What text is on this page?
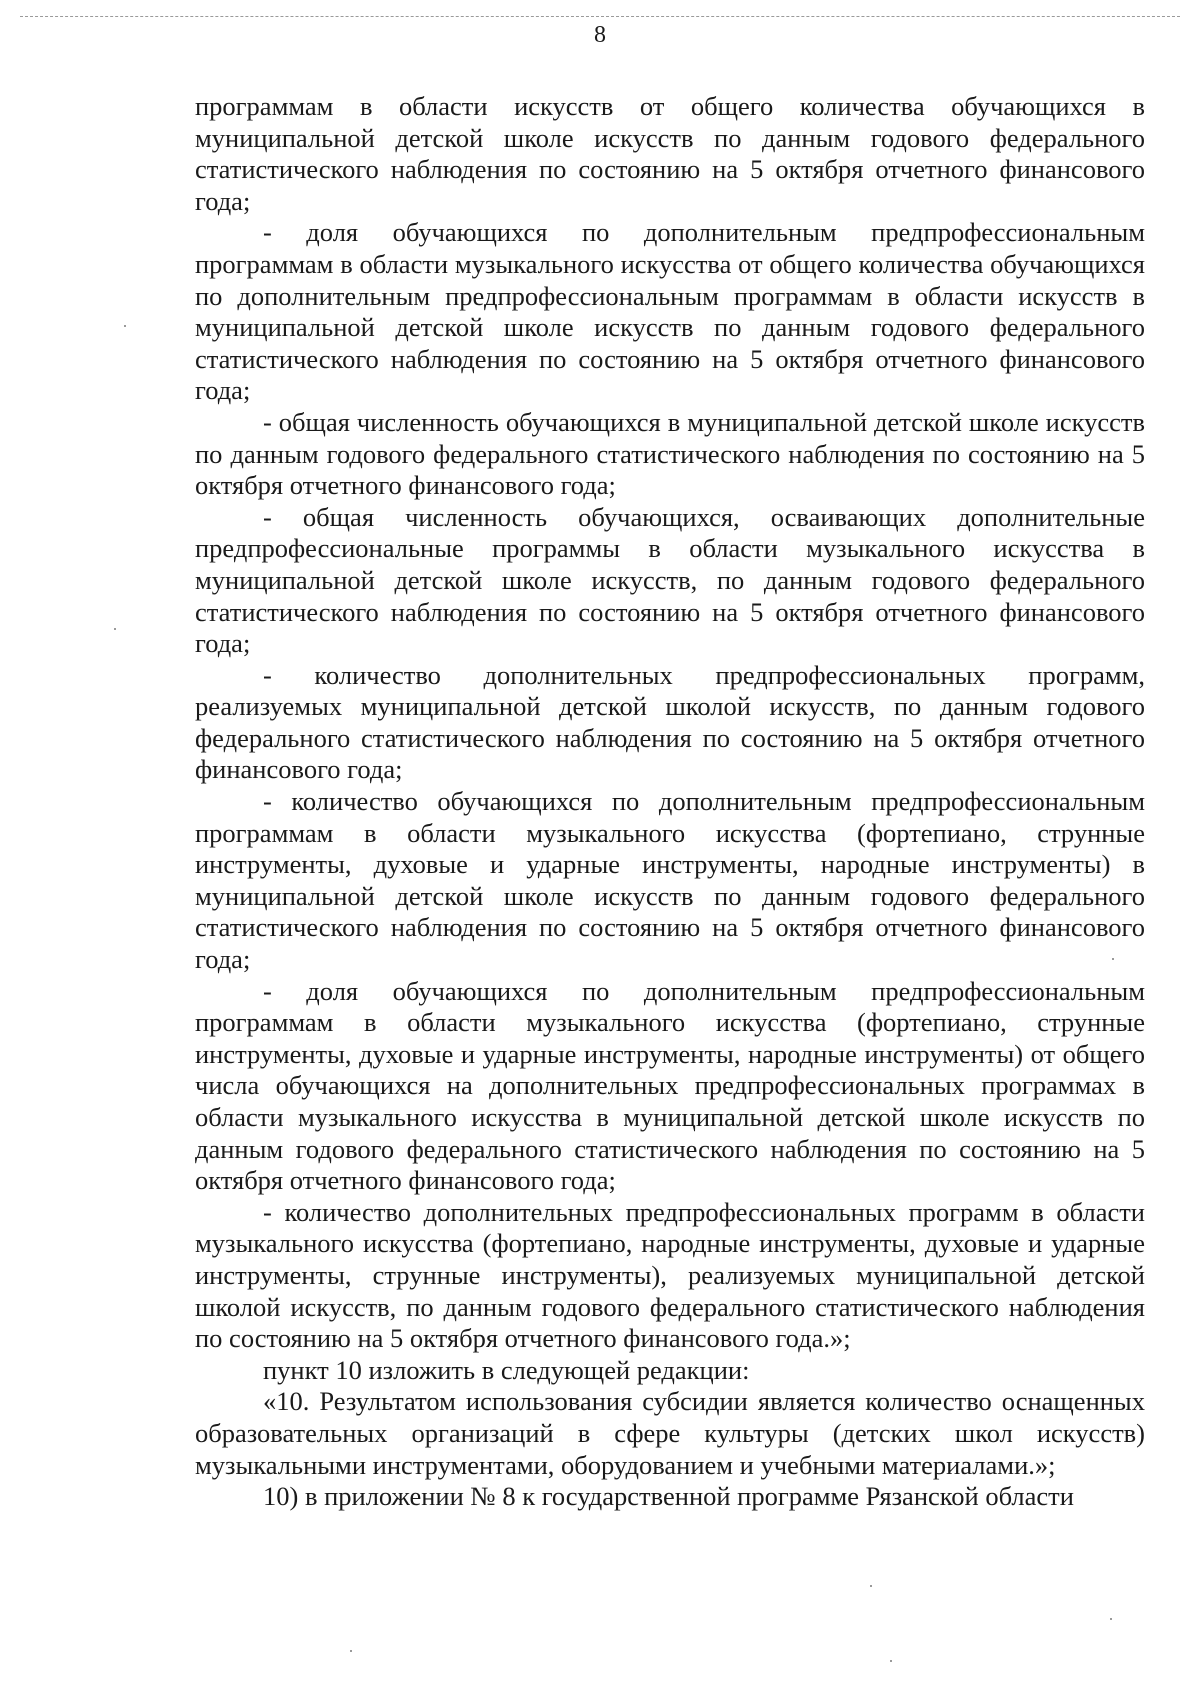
8

программам в области искусств от общего количества обучающихся в муниципальной детской школе искусств по данным годового федерального статистического наблюдения по состоянию на 5 октября отчетного финансового года;

- доля обучающихся по дополнительным предпрофессиональным программам в области музыкального искусства от общего количества обучающихся по дополнительным предпрофессиональным программам в области искусств в муниципальной детской школе искусств по данным годового федерального статистического наблюдения по состоянию на 5 октября отчетного финансового года;

- общая численность обучающихся в муниципальной детской школе искусств по данным годового федерального статистического наблюдения по состоянию на 5 октября отчетного финансового года;

- общая численность обучающихся, осваивающих дополнительные предпрофессиональные программы в области музыкального искусства в муниципальной детской школе искусств, по данным годового федерального статистического наблюдения по состоянию на 5 октября отчетного финансового года;

- количество дополнительных предпрофессиональных программ, реализуемых муниципальной детской школой искусств, по данным годового федерального статистического наблюдения по состоянию на 5 октября отчетного финансового года;

- количество обучающихся по дополнительным предпрофессиональным программам в области музыкального искусства (фортепиано, струнные инструменты, духовые и ударные инструменты, народные инструменты) в муниципальной детской школе искусств по данным годового федерального статистического наблюдения по состоянию на 5 октября отчетного финансового года;

- доля обучающихся по дополнительным предпрофессиональным программам в области музыкального искусства (фортепиано, струнные инструменты, духовые и ударные инструменты, народные инструменты) от общего числа обучающихся на дополнительных предпрофессиональных программах в области музыкального искусства в муниципальной детской школе искусств по данным годового федерального статистического наблюдения по состоянию на 5 октября отчетного финансового года;

- количество дополнительных предпрофессиональных программ в области музыкального искусства (фортепиано, народные инструменты, духовые и ударные инструменты, струнные инструменты), реализуемых муниципальной детской школой искусств, по данным годового федерального статистического наблюдения по состоянию на 5 октября отчетного финансового года.»;

пункт 10 изложить в следующей редакции:

«10. Результатом использования субсидии является количество оснащенных образовательных организаций в сфере культуры (детских школ искусств) музыкальными инструментами, оборудованием и учебными материалами.»;

10) в приложении № 8 к государственной программе Рязанской области
